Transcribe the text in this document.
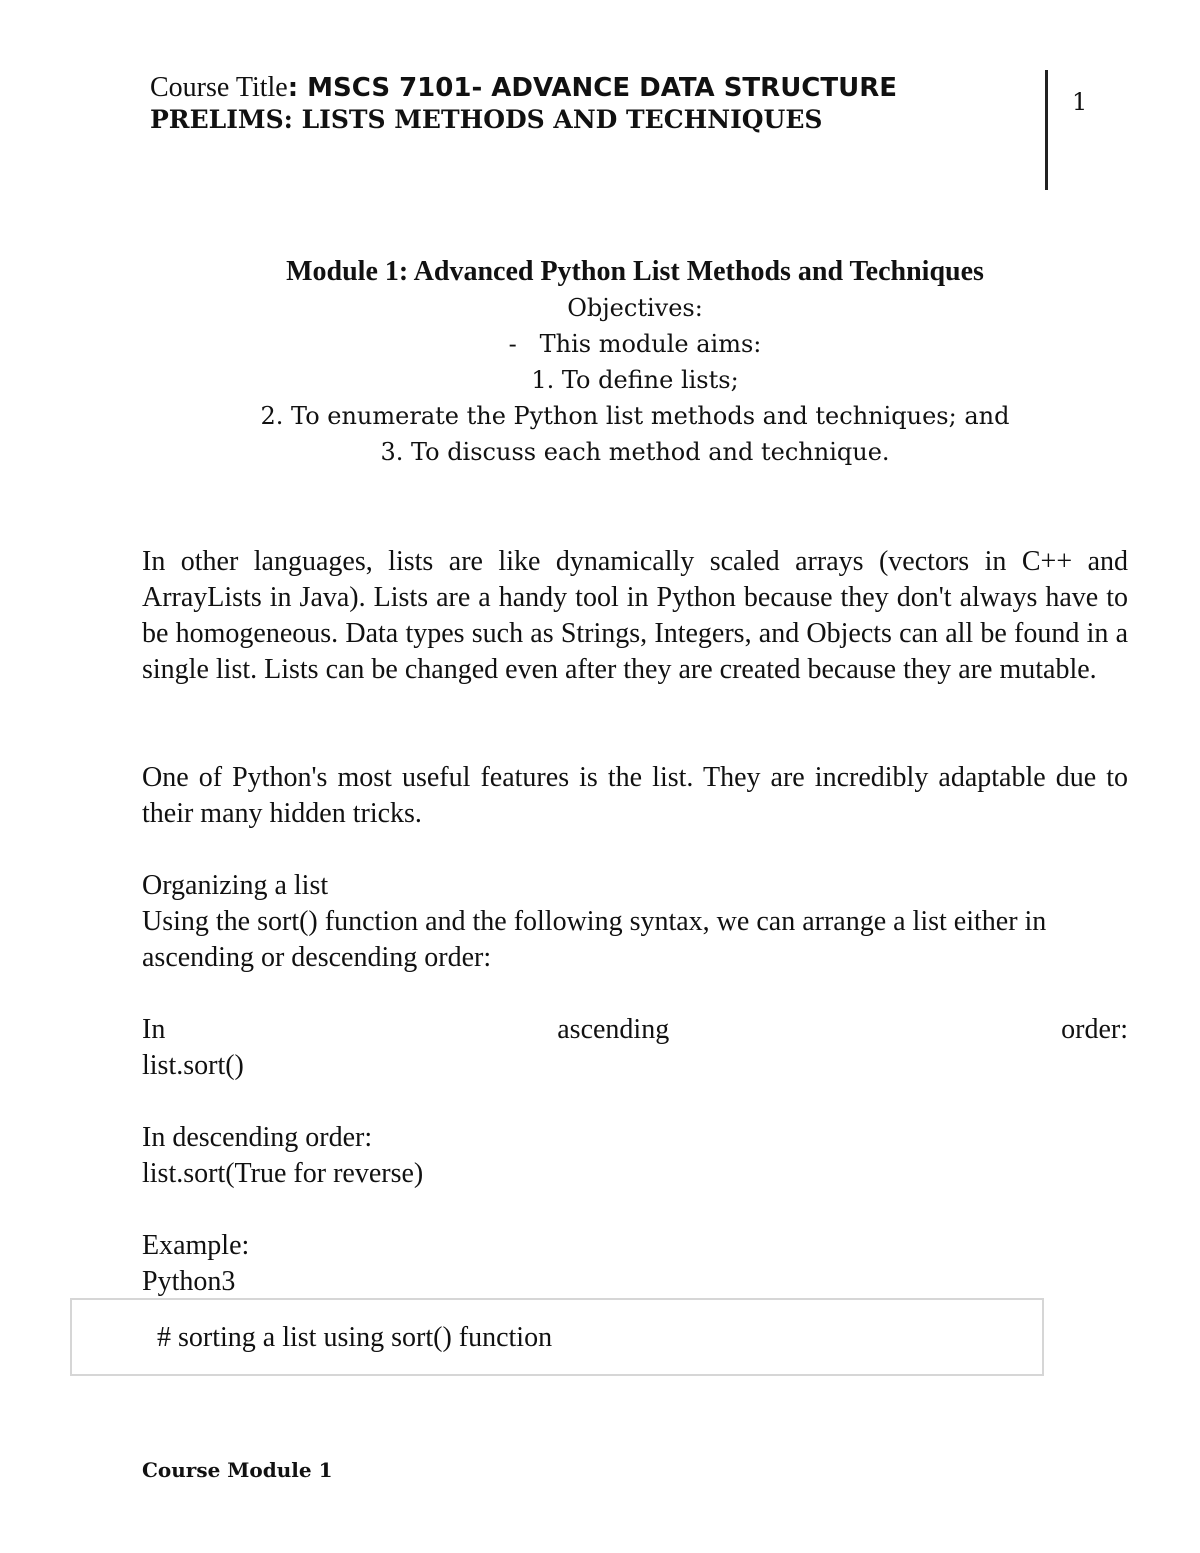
Course Title: MSCS 7101- ADVANCE DATA STRUCTURE
PRELIMS: LISTS METHODS AND TECHNIQUES
1
Module 1: Advanced Python List Methods and Techniques
Objectives:
-   This module aims:
1. To define lists;
2. To enumerate the Python list methods and techniques; and
3. To discuss each method and technique.

In other languages, lists are like dynamically scaled arrays (vectors in C++ and ArrayLists in Java). Lists are a handy tool in Python because they don't always have to be homogeneous. Data types such as Strings, Integers, and Objects can all be found in a single list. Lists can be changed even after they are created because they are mutable.

One of Python's most useful features is the list. They are incredibly adaptable due to their many hidden tricks.

Organizing a list

Using the sort() function and the following syntax, we can arrange a list either in ascending or descending order:

In	ascending	order:

list.sort()

In descending order:

list.sort(True for reverse)

Example:

Python3

# sorting a list using sort() function
Course Module 1
